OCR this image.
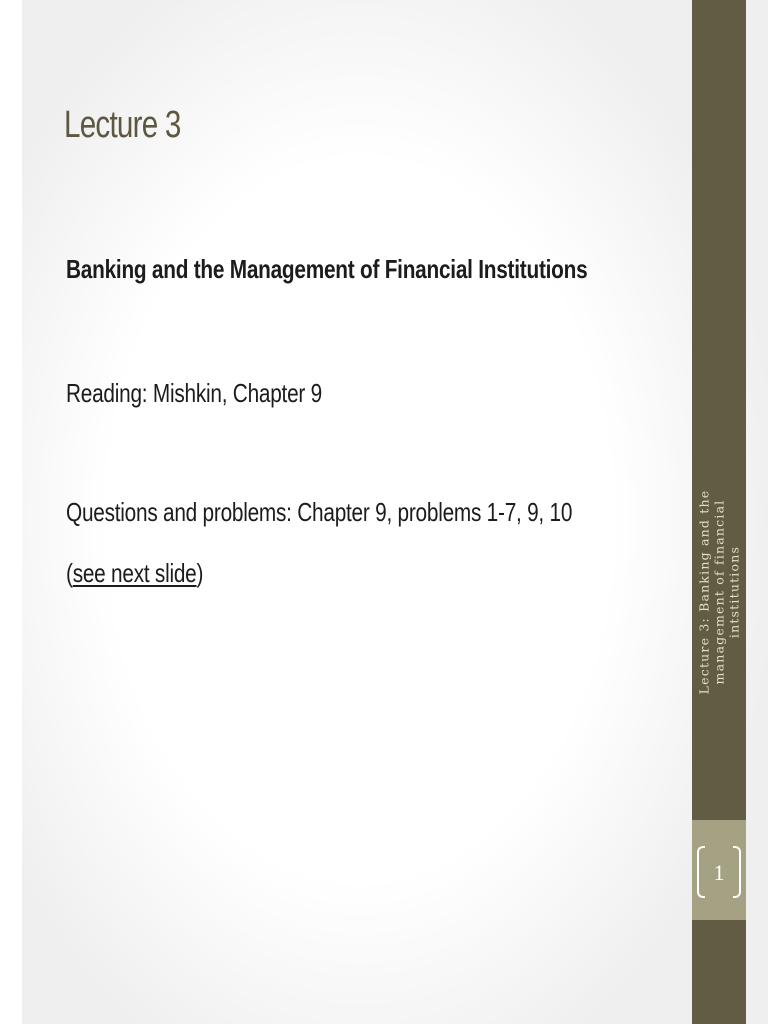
Lecture 3
Banking and the Management of Financial Institutions
Reading: Mishkin, Chapter 9
Questions and problems: Chapter 9, problems 1-7, 9, 10
(see next slide)	Lecture 3: Banking and the management of financial intstitutions
1
